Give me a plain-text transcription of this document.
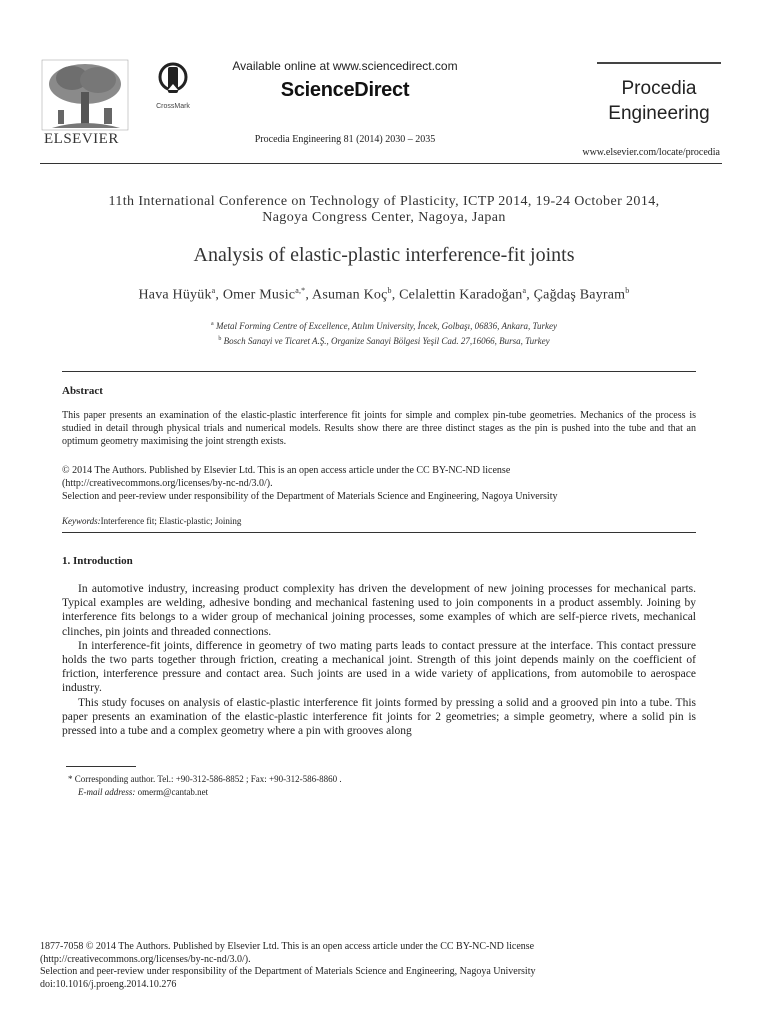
ELSEVIER
CrossMark
Available online at www.sciencedirect.com
ScienceDirect
Procedia Engineering 81 (2014) 2030 – 2035
Procedia
Engineering
www.elsevier.com/locate/procedia
11th International Conference on Technology of Plasticity, ICTP 2014, 19-24 October 2014,
Nagoya Congress Center, Nagoya, Japan
Analysis of elastic-plastic interference-fit joints
Hava Hüyük$^a$, Omer Music$^{a,*}$, Asuman Koç$^b$, Celalettin Karadoğan$^a$, Çağdaş Bayram$^b$
$^a$ Metal Forming Centre of Excellence, Atılım University, İncek, Golbaşı, 06836, Ankara, Turkey
$^b$ Bosch Sanayi ve Ticaret A.Ş., Organize Sanayi Bölgesi Yeşil Cad. 27,16066, Bursa, Turkey
Abstract
This paper presents an examination of the elastic-plastic interference fit joints for simple and complex pin-tube geometries. Mechanics of the process is studied in detail through physical trials and numerical models. Results show there are three distinct stages as the pin is pushed into the tube and that an optimum geometry maximising the joint strength exists.
© 2014 The Authors. Published by Elsevier Ltd. This is an open access article under the CC BY-NC-ND license
(http://creativecommons.org/licenses/by-nc-nd/3.0/).
Selection and peer-review under responsibility of the Department of Materials Science and Engineering, Nagoya University
Keywords:Interference fit; Elastic-plastic; Joining
1. Introduction

In automotive industry, increasing product complexity has driven the development of new joining processes for mechanical parts. Typical examples are welding, adhesive bonding and mechanical fastening used to join components in a product assembly. Joining by interference fits belongs to a wider group of mechanical joining processes, some examples of which are self-pierce rivets, mechanical clinches, pin joints and threaded connections.

In interference-fit joints, difference in geometry of two mating parts leads to contact pressure at the interface. This contact pressure holds the two parts together through friction, creating a mechanical joint. Strength of this joint depends mainly on the coefficient of friction, interference pressure and contact area. Such joints are used in a wide variety of applications, from automobile to aerospace industry.

This study focuses on analysis of elastic-plastic interference fit joints formed by pressing a solid and a grooved pin into a tube. This paper presents an examination of the elastic-plastic interference fit joints for 2 geometries; a simple geometry, where a solid pin is pressed into a tube and a complex geometry where a pin with grooves along

* Corresponding author. Tel.: +90-312-586-8852 ; Fax: +90-312-586-8860 .
E-mail address: omerm@cantab.net
1877-7058 © 2014 The Authors. Published by Elsevier Ltd. This is an open access article under the CC BY-NC-ND license
(http://creativecommons.org/licenses/by-nc-nd/3.0/).
Selection and peer-review under responsibility of the Department of Materials Science and Engineering, Nagoya University
doi:10.1016/j.proeng.2014.10.276
